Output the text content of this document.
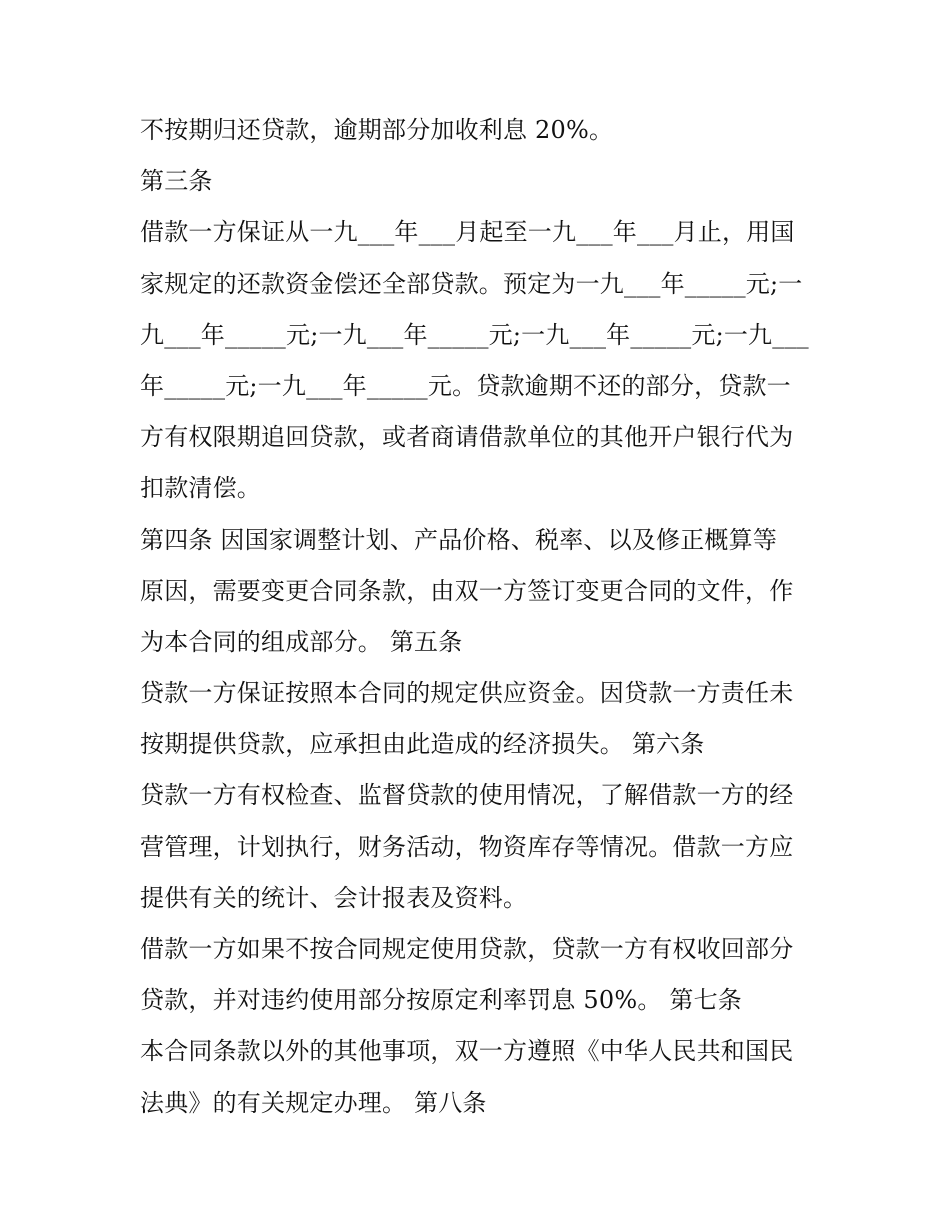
不按期归还贷款，逾期部分加收利息 20%。
第三条
借款一方保证从一九___年___月起至一九___年___月止，用国
家规定的还款资金偿还全部贷款。预定为一九___年_____元;一
九___年_____元;一九___年_____元;一九___年_____元;一九___
年_____元;一九___年_____元。贷款逾期不还的部分，贷款一
方有权限期追回贷款，或者商请借款单位的其他开户银行代为
扣款清偿。
第四条 因国家调整计划、产品价格、税率、以及修正概算等
原因，需要变更合同条款，由双一方签订变更合同的文件，作
为本合同的组成部分。 第五条
贷款一方保证按照本合同的规定供应资金。因贷款一方责任未
按期提供贷款，应承担由此造成的经济损失。 第六条
贷款一方有权检查、监督贷款的使用情况，了解借款一方的经
营管理，计划执行，财务活动，物资库存等情况。借款一方应
提供有关的统计、会计报表及资料。
借款一方如果不按合同规定使用贷款，贷款一方有权收回部分
贷款，并对违约使用部分按原定利率罚息 50%。 第七条
本合同条款以外的其他事项，双一方遵照《中华人民共和国民
法典》的有关规定办理。 第八条
